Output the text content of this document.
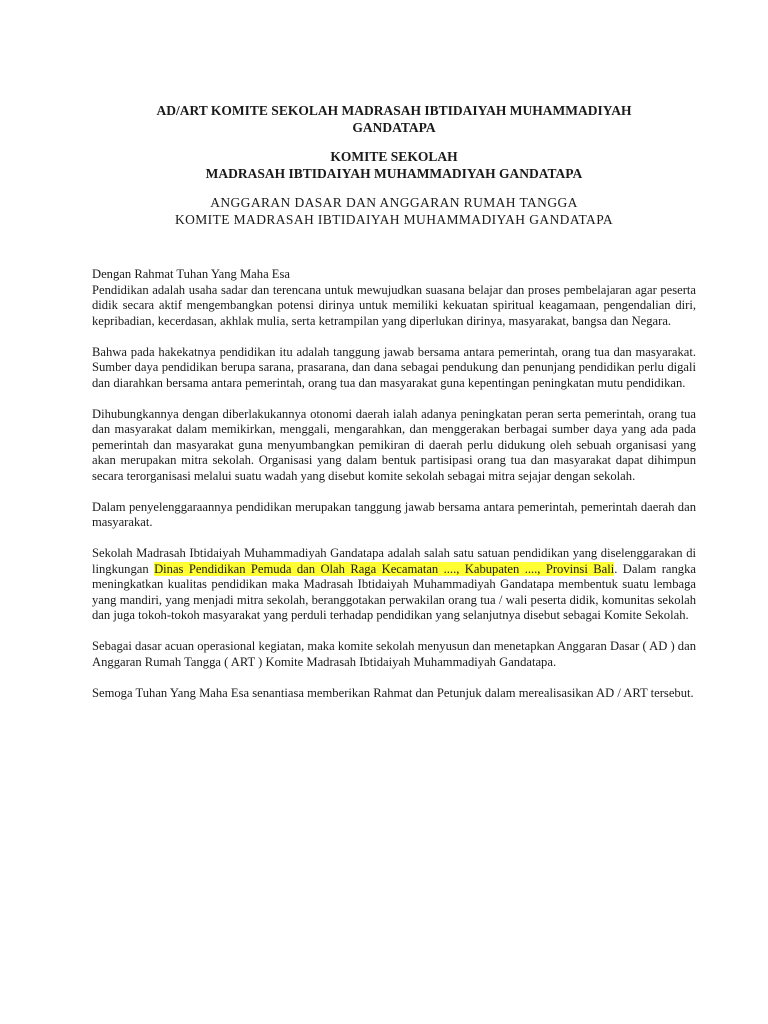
AD/ART KOMITE SEKOLAH MADRASAH IBTIDAIYAH MUHAMMADIYAH
GANDATAPA
KOMITE SEKOLAH
MADRASAH IBTIDAIYAH MUHAMMADIYAH GANDATAPA
ANGGARAN DASAR DAN ANGGARAN RUMAH TANGGA
KOMITE MADRASAH IBTIDAIYAH MUHAMMADIYAH GANDATAPA

Dengan Rahmat Tuhan Yang Maha Esa

Pendidikan adalah usaha sadar dan terencana untuk mewujudkan suasana belajar dan proses pembelajaran agar peserta didik secara aktif mengembangkan potensi dirinya untuk memiliki kekuatan spiritual keagamaan, pengendalian diri, kepribadian, kecerdasan, akhlak mulia, serta ketrampilan yang diperlukan dirinya, masyarakat, bangsa dan Negara.

Bahwa pada hakekatnya pendidikan itu adalah tanggung jawab bersama antara pemerintah, orang tua dan masyarakat. Sumber daya pendidikan berupa sarana, prasarana, dan dana sebagai pendukung dan penunjang pendidikan perlu digali dan diarahkan bersama antara pemerintah, orang tua dan masyarakat guna kepentingan peningkatan mutu pendidikan.

Dihubungkannya dengan diberlakukannya otonomi daerah ialah adanya peningkatan peran serta pemerintah, orang tua dan masyarakat dalam memikirkan, menggali, mengarahkan, dan menggerakan berbagai sumber daya yang ada pada pemerintah dan masyarakat guna menyumbangkan pemikiran di daerah perlu didukung oleh sebuah organisasi yang akan merupakan mitra sekolah. Organisasi yang dalam bentuk partisipasi orang tua dan masyarakat dapat dihimpun secara terorganisasi melalui suatu wadah yang disebut komite sekolah sebagai mitra sejajar dengan sekolah.

Dalam penyelenggaraannya pendidikan merupakan tanggung jawab bersama antara pemerintah, pemerintah daerah dan masyarakat.

Sekolah Madrasah Ibtidaiyah Muhammadiyah Gandatapa adalah salah satu satuan pendidikan yang diselenggarakan di lingkungan Dinas Pendidikan Pemuda dan Olah Raga Kecamatan ...., Kabupaten ...., Provinsi Bali. Dalam rangka meningkatkan kualitas pendidikan maka Madrasah Ibtidaiyah Muhammadiyah Gandatapa membentuk suatu lembaga yang mandiri, yang menjadi mitra sekolah, beranggotakan perwakilan orang tua / wali peserta didik, komunitas sekolah dan juga tokoh-tokoh masyarakat yang perduli terhadap pendidikan yang selanjutnya disebut sebagai Komite Sekolah.

Sebagai dasar acuan operasional kegiatan, maka komite sekolah menyusun dan menetapkan Anggaran Dasar ( AD ) dan Anggaran Rumah Tangga ( ART ) Komite Madrasah Ibtidaiyah Muhammadiyah Gandatapa.

Semoga Tuhan Yang Maha Esa senantiasa memberikan Rahmat dan Petunjuk dalam merealisasikan AD / ART tersebut.
